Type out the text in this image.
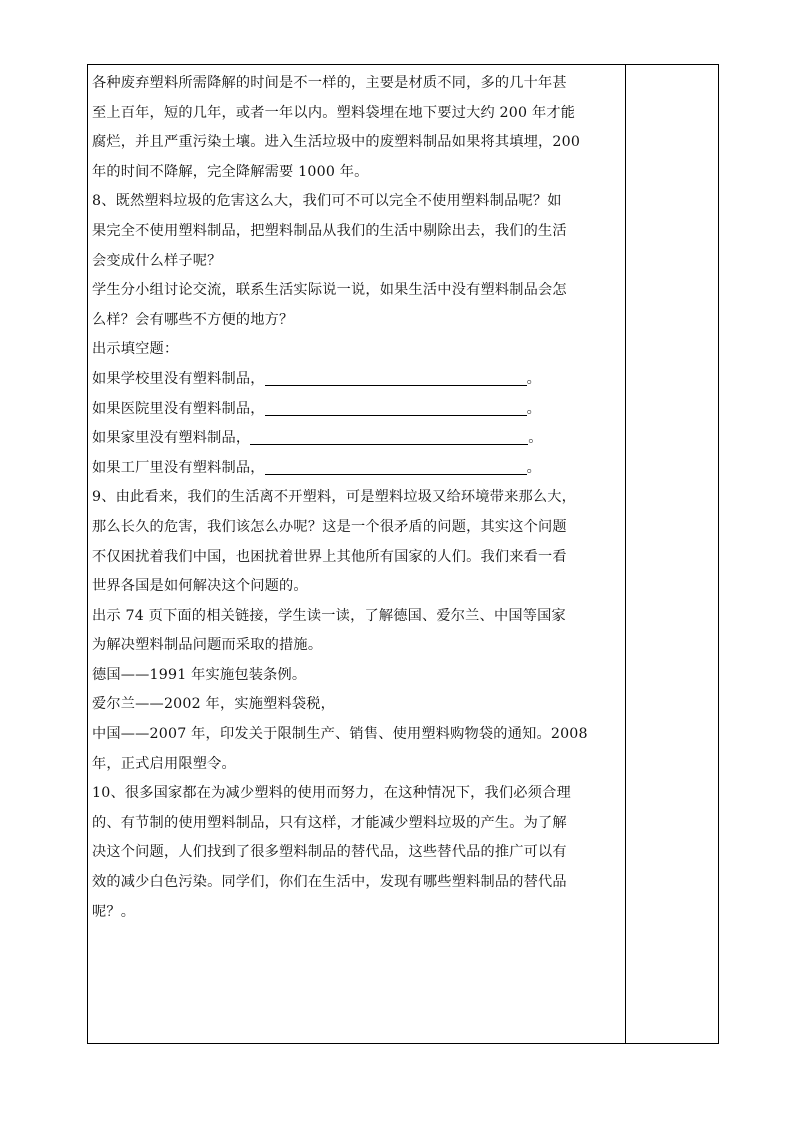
各种废弃塑料所需降解的时间是不一样的，主要是材质不同，多的几十年甚

至上百年，短的几年，或者一年以内。塑料袋埋在地下要过大约 200 年才能

腐烂，并且严重污染土壤。进入生活垃圾中的废塑料制品如果将其填埋，200

年的时间不降解，完全降解需要 1000 年。

8、既然塑料垃圾的危害这么大，我们可不可以完全不使用塑料制品呢？如

果完全不使用塑料制品，把塑料制品从我们的生活中剔除出去，我们的生活

会变成什么样子呢？

学生分小组讨论交流，联系生活实际说一说，如果生活中没有塑料制品会怎

么样？会有哪些不方便的地方？

出示填空题：

如果学校里没有塑料制品，	。

如果医院里没有塑料制品，	。

如果家里没有塑料制品，	。

如果工厂里没有塑料制品，	。

9、由此看来，我们的生活离不开塑料，可是塑料垃圾又给环境带来那么大，

那么长久的危害，我们该怎么办呢？这是一个很矛盾的问题，其实这个问题

不仅困扰着我们中国，也困扰着世界上其他所有国家的人们。我们来看一看

世界各国是如何解决这个问题的。

出示 74 页下面的相关链接，学生读一读，了解德国、爱尔兰、中国等国家

为解决塑料制品问题而采取的措施。

德国——1991 年实施包装条例。

爱尔兰——2002 年，实施塑料袋税，

中国——2007 年，印发关于限制生产、销售、使用塑料购物袋的通知。2008

年，正式启用限塑令。

10、很多国家都在为减少塑料的使用而努力，在这种情况下，我们必须合理

的、有节制的使用塑料制品，只有这样，才能减少塑料垃圾的产生。为了解

决这个问题，人们找到了很多塑料制品的替代品，这些替代品的推广可以有

效的减少白色污染。同学们，你们在生活中，发现有哪些塑料制品的替代品

呢？。
